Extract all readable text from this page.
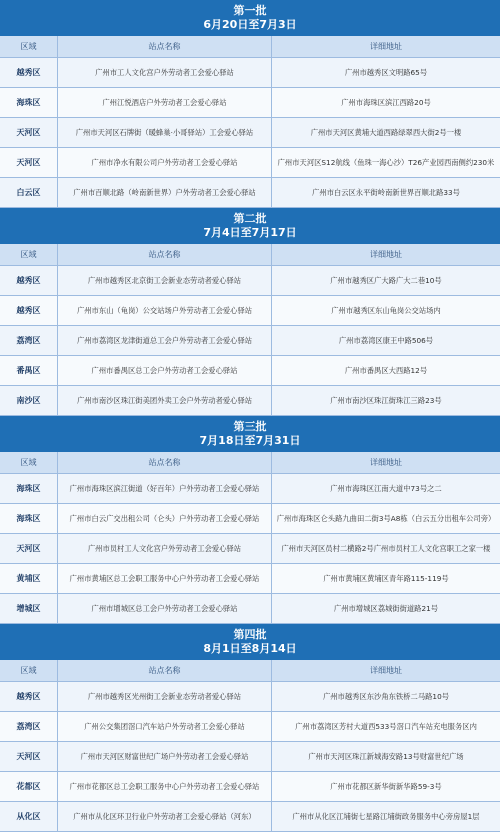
第一批
6月20日至7月3日
区域	站点名称	详细地址
越秀区	广州市工人文化宫户外劳动者工会爱心驿站	广州市越秀区文明路65号
海珠区	广州江悦酒店户外劳动者工会爱心驿站	广州市海珠区滨江西路20号
天河区	广州市天河区石牌街（暖蜂巢·小哥驿站）工会爱心驿站	广州市天河区黄埔大道西路绿翠西大街2号一楼
天河区	广州市净水有限公司户外劳动者工会爱心驿站	广州市天河区S12航线（鱼珠一海心沙）T26产业园西南侧约230米
白云区	广州市百顺北路（岭南新世界）户外劳动者工会爱心驿站	广州市白云区永平街岭南新世界百顺北路33号
第二批
7月4日至7月17日
区域	站点名称	详细地址
越秀区	广州市越秀区北京街工会新业态劳动者爱心驿站	广州市越秀区广大路广大二巷10号
越秀区	广州市东山（龟岗）公交站场户外劳动者工会爱心驿站	广州市越秀区东山龟岗公交站场内
荔湾区	广州市荔湾区龙津街道总工会户外劳动者工会爱心驿站	广州市荔湾区康王中路506号
番禺区	广州市番禺区总工会户外劳动者工会爱心驿站	广州市番禺区大西路12号
南沙区	广州市南沙区珠江街美团外卖工会户外劳动者爱心驿站	广州市南沙区珠江街珠江三路23号
第三批
7月18日至7月31日
区域	站点名称	详细地址
海珠区	广州市海珠区滨江街道（好百年）户外劳动者工会爱心驿站	广州市海珠区江南大道中73号之二
海珠区	广州市白云广交出租公司（仑头）户外劳动者工会爱心驿站	广州市海珠区仑头路九曲田二街3号A8栋（白云五分出租车公司旁）
天河区	广州市员村工人文化宫户外劳动者工会爱心驿站	广州市天河区员村二横路2号广州市员村工人文化宫职工之家一楼
黄埔区	广州市黄埔区总工会职工服务中心户外劳动者工会爱心驿站	广州市黄埔区黄埔区青年路115-119号
增城区	广州市增城区总工会户外劳动者工会爱心驿站	广州市增城区荔城街街道路21号
第四批
8月1日至8月14日
区域	站点名称	详细地址
越秀区	广州市越秀区光州街工会新业态劳动者爱心驿站	广州市越秀区东沙角东铁桥二马路10号
荔湾区	广州公交集团滘口汽车站户外劳动者工会爱心驿站	广州市荔湾区芳村大道西533号滘口汽车站充电服务区内
天河区	广州市天河区财富世纪广场户外劳动者工会爱心驿站	广州市天河区珠江新城海安路13号财富世纪广场
花都区	广州市花都区总工会职工服务中心户外劳动者工会爱心驿站	广州市花都区新华街新华路59-3号
从化区	广州市从化区环卫行业户外劳动者工会爱心驿站（河东）	广州市从化区江埔街七星路江埔街政务服务中心旁房屋1层
